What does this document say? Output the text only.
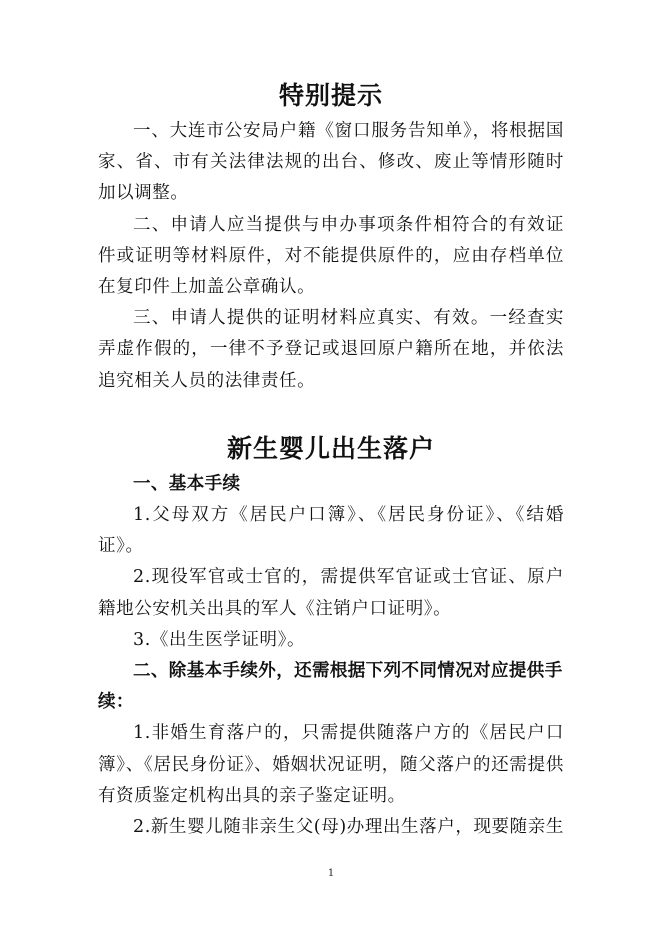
特别提示

一、大连市公安局户籍《窗口服务告知单》，将根据国家、省、市有关法律法规的出台、修改、废止等情形随时加以调整。

二、申请人应当提供与申办事项条件相符合的有效证件或证明等材料原件，对不能提供原件的，应由存档单位在复印件上加盖公章确认。

三、申请人提供的证明材料应真实、有效。一经查实弄虚作假的，一律不予登记或退回原户籍所在地，并依法追究相关人员的法律责任。

新生婴儿出生落户

一、基本手续

1.父母双方《居民户口簿》、《居民身份证》、《结婚证》。

2.现役军官或士官的，需提供军官证或士官证、原户籍地公安机关出具的军人《注销户口证明》。

3.《出生医学证明》。

二、除基本手续外，还需根据下列不同情况对应提供手续：

1.非婚生育落户的，只需提供随落户方的《居民户口簿》、《居民身份证》、婚姻状况证明，随父落户的还需提供有资质鉴定机构出具的亲子鉴定证明。

2.新生婴儿随非亲生父(母)办理出生落户，现要随亲生

1
